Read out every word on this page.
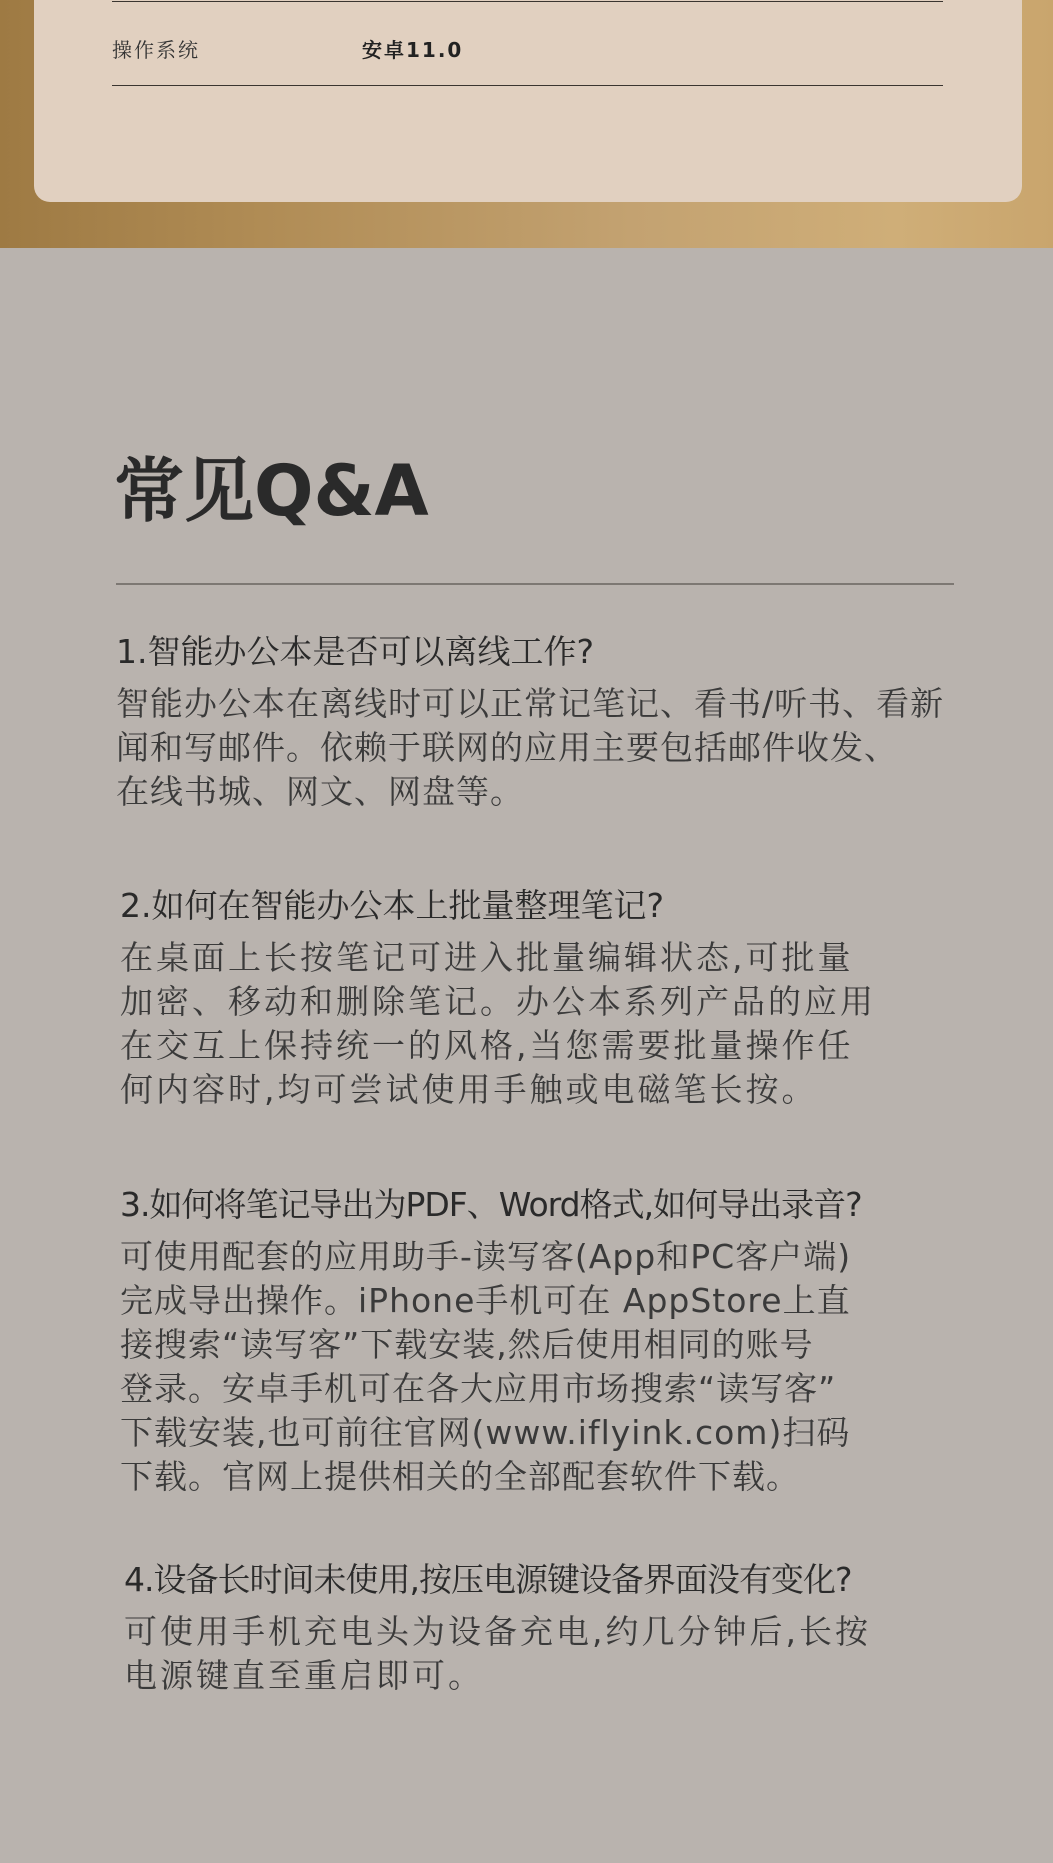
操作系统	安卓11.0
常见Q&A
1.智能办公本是否可以离线工作?
智能办公本在离线时可以正常记笔记、看书/听书、看新
闻和写邮件。依赖于联网的应用主要包括邮件收发、
在线书城、网文、网盘等。
2.如何在智能办公本上批量整理笔记?
在桌面上长按笔记可进入批量编辑状态,可批量
加密、移动和删除笔记。办公本系列产品的应用
在交互上保持统一的风格,当您需要批量操作任
何内容时,均可尝试使用手触或电磁笔长按。
3.如何将笔记导出为PDF、Word格式,如何导出录音?
可使用配套的应用助手-读写客(App和PC客户端)
完成导出操作。iPhone手机可在 AppStore上直
接搜索“读写客”下载安装,然后使用相同的账号
登录。安卓手机可在各大应用市场搜索“读写客”
下载安装,也可前往官网(www.iflyink.com)扫码
下载。官网上提供相关的全部配套软件下载。
4.设备长时间未使用,按压电源键设备界面没有变化?
可使用手机充电头为设备充电,约几分钟后,长按
电源键直至重启即可。
